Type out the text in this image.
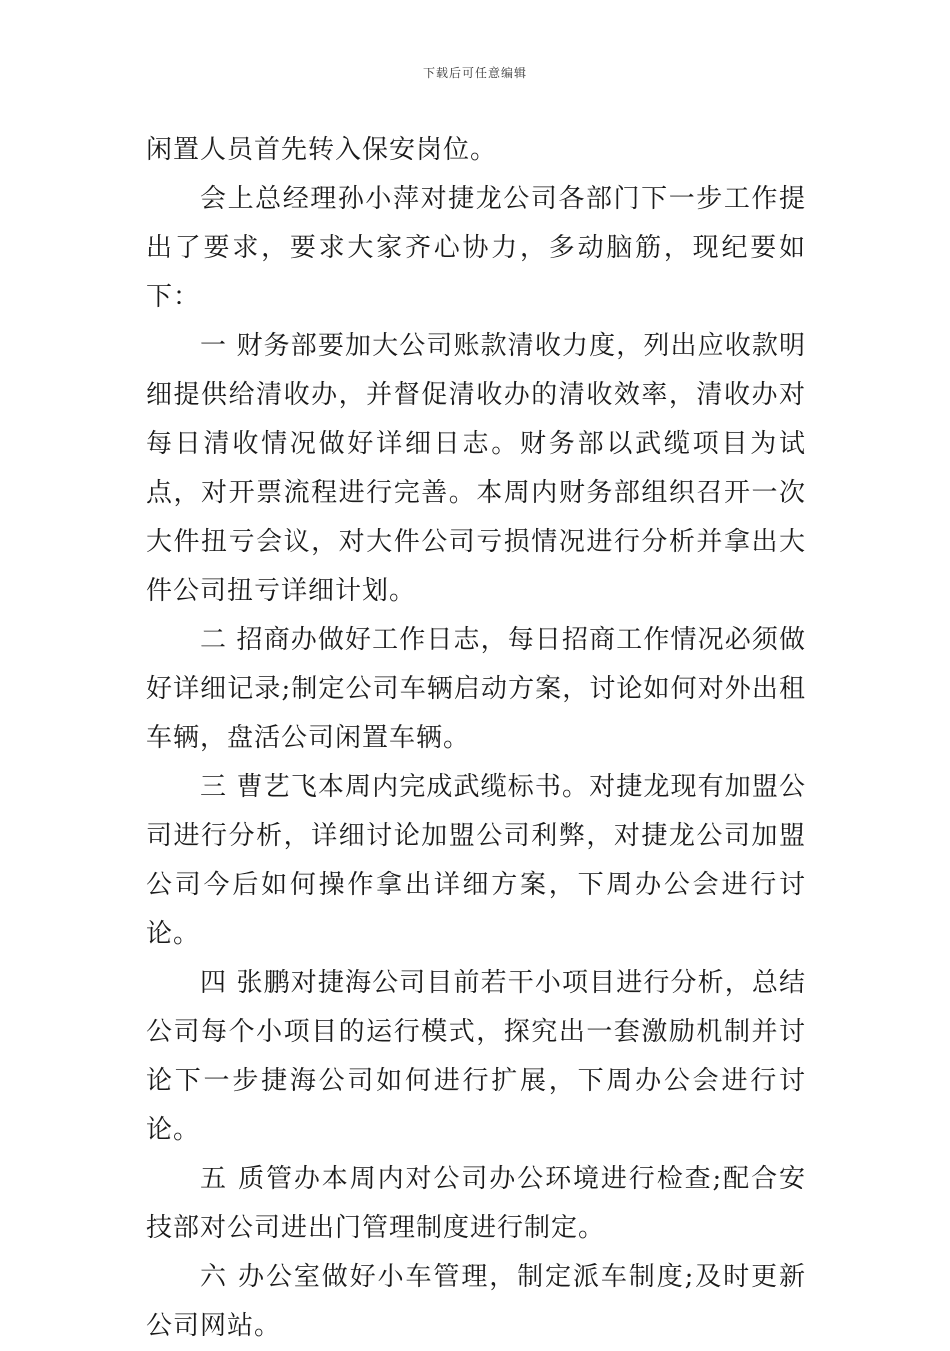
下载后可任意编辑

闲置人员首先转入保安岗位。

会上总经理孙小萍对捷龙公司各部门下一步工作提出了要求，要求大家齐心协力，多动脑筋，现纪要如下：

一 财务部要加大公司账款清收力度，列出应收款明细提供给清收办，并督促清收办的清收效率，清收办对每日清收情况做好详细日志。财务部以武缆项目为试点，对开票流程进行完善。本周内财务部组织召开一次大件扭亏会议，对大件公司亏损情况进行分析并拿出大件公司扭亏详细计划。

二 招商办做好工作日志，每日招商工作情况必须做好详细记录;制定公司车辆启动方案，讨论如何对外出租车辆，盘活公司闲置车辆。

三 曹艺飞本周内完成武缆标书。对捷龙现有加盟公司进行分析，详细讨论加盟公司利弊，对捷龙公司加盟公司今后如何操作拿出详细方案，下周办公会进行讨论。

四 张鹏对捷海公司目前若干小项目进行分析，总结公司每个小项目的运行模式，探究出一套激励机制并讨论下一步捷海公司如何进行扩展，下周办公会进行讨论。

五 质管办本周内对公司办公环境进行检查;配合安技部对公司进出门管理制度进行制定。

六 办公室做好小车管理，制定派车制度;及时更新公司网站。
